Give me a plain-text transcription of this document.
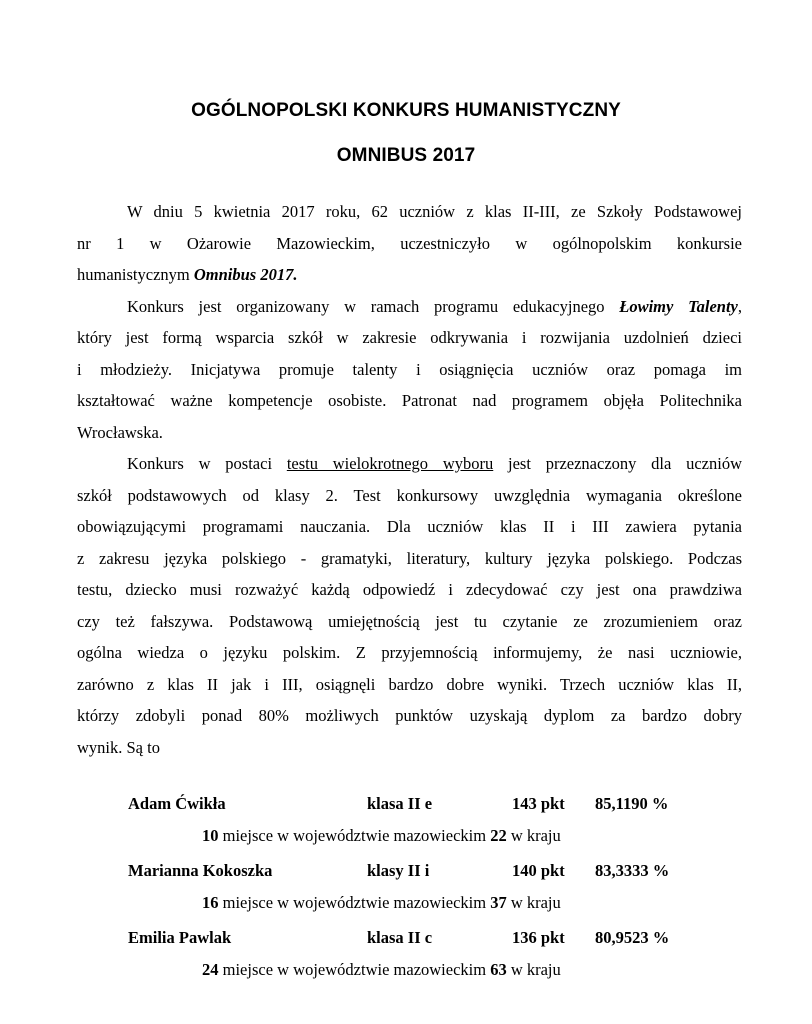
OGÓLNOPOLSKI KONKURS HUMANISTYCZNY
OMNIBUS 2017
W dniu 5 kwietnia 2017 roku, 62 uczniów z klas II-III, ze Szkoły Podstawowej
nr 1 w Ożarowie Mazowieckim, uczestniczyło w ogólnopolskim konkursie
humanistycznym Omnibus 2017.
Konkurs jest organizowany w ramach programu edukacyjnego Łowimy Talenty,
który jest formą wsparcia szkół w zakresie odkrywania i rozwijania uzdolnień dzieci
i młodzieży. Inicjatywa promuje talenty i osiągnięcia uczniów oraz pomaga im
kształtować ważne kompetencje osobiste. Patronat nad programem objęła Politechnika
Wrocławska.
Konkurs w postaci testu wielokrotnego wyboru jest przeznaczony dla uczniów
szkół podstawowych od klasy 2. Test konkursowy uwzględnia wymagania określone
obowiązującymi programami nauczania. Dla uczniów klas II i III zawiera pytania
z zakresu języka polskiego - gramatyki, literatury, kultury języka polskiego. Podczas
testu, dziecko musi rozważyć każdą odpowiedź i zdecydować czy jest ona prawdziwa
czy też fałszywa. Podstawową umiejętnością jest tu czytanie ze zrozumieniem oraz
ogólna wiedza o języku polskim. Z przyjemnością informujemy, że nasi uczniowie,
zarówno z klas II jak i III, osiągnęli bardzo dobre wyniki. Trzech uczniów klas II,
którzy zdobyli ponad 80% możliwych punktów uzyskają dyplom za bardzo dobry
wynik. Są to
Adam Ćwikła	klasa II e	143 pkt 85,1190 %
10 miejsce w województwie mazowieckim 22 w kraju
Marianna Kokoszka	klasy II i	140 pkt 83,3333 %
16 miejsce w województwie mazowieckim 37 w kraju
Emilia Pawlak	klasa II c	136 pkt 80,9523 %
24 miejsce w województwie mazowieckim 63 w kraju
